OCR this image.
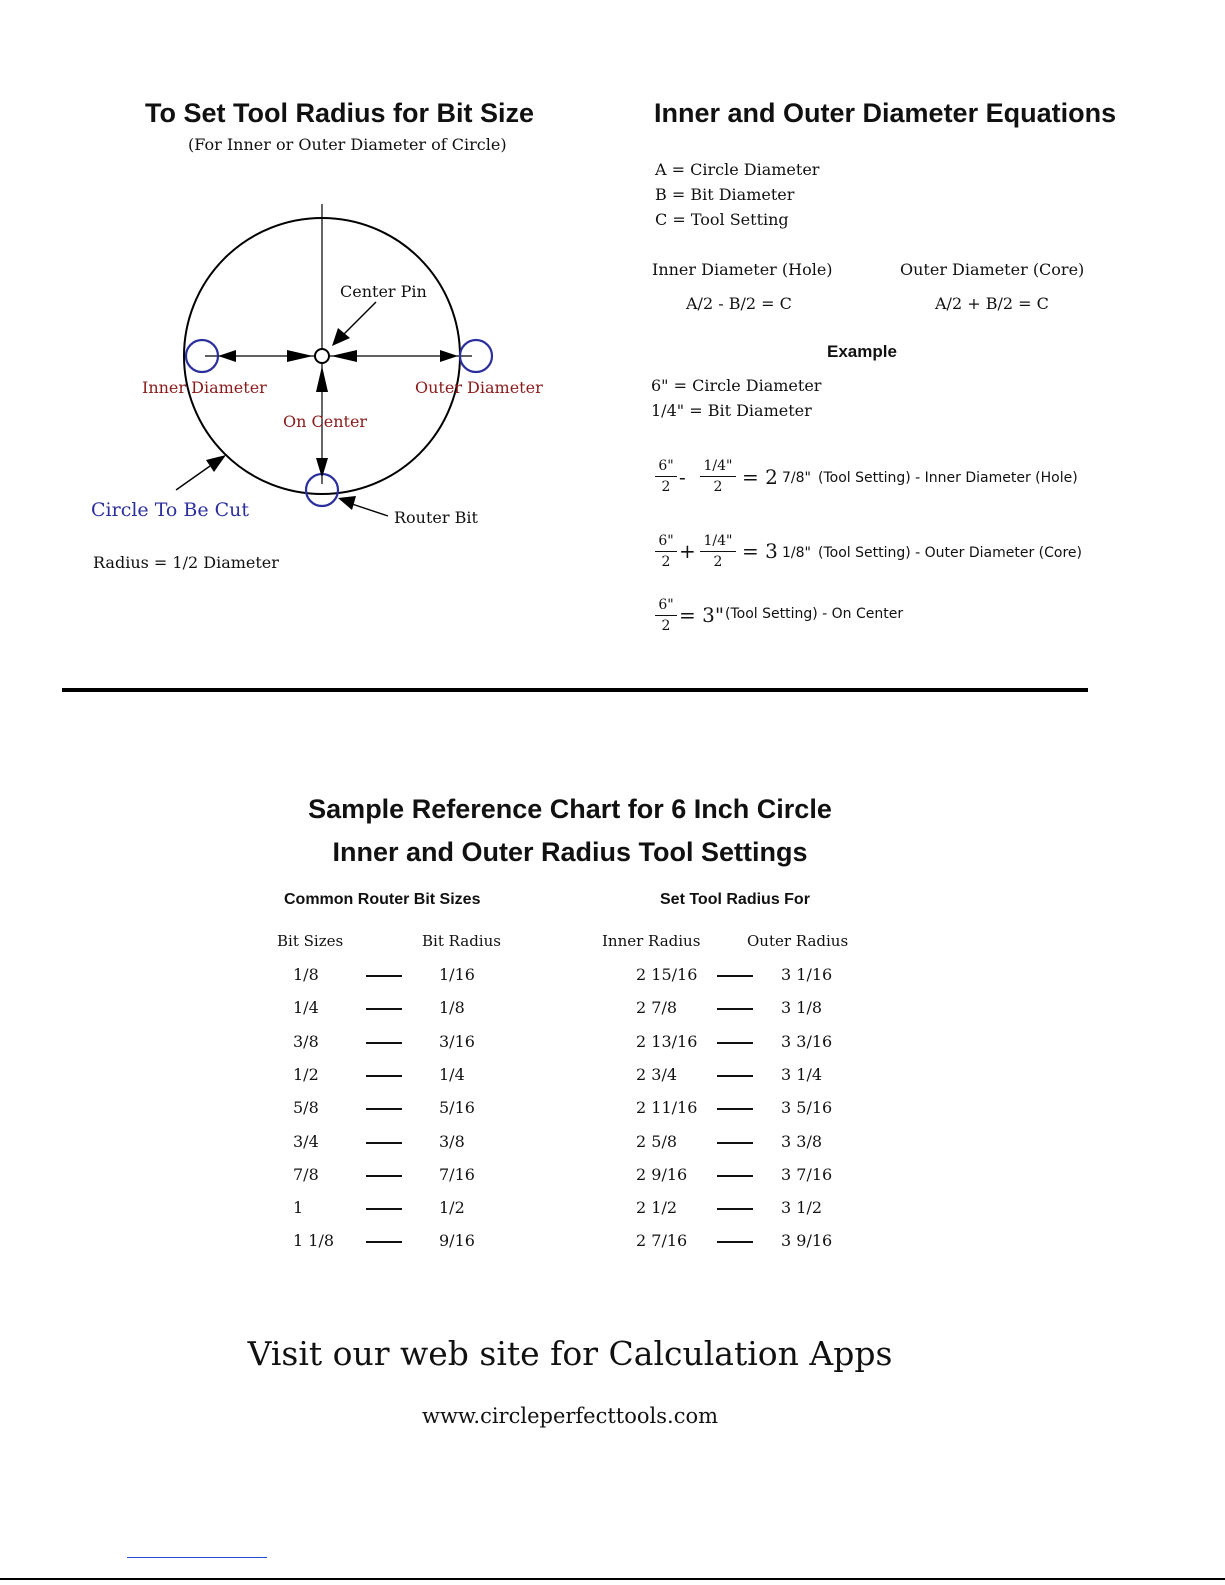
To Set Tool Radius for Bit Size
(For Inner or Outer Diameter of Circle)
Center Pin
Inner Diameter	Outer Diameter
On Center
Circle To Be Cut	Router Bit
Radius = 1/2 Diameter
Inner and Outer Diameter Equations
A = Circle Diameter
B = Bit Diameter
C = Tool Setting
Inner Diameter (Hole)	Outer Diameter (Core)
A/2 - B/2 = C	A/2 + B/2 = C
Example
6" = Circle Diameter
1/4" = Bit Diameter
6"
2 - 1/4"
2 = 2 7/8" (Tool Setting) - Inner Diameter (Hole)
6"
2 + 1/4"
2 = 3 1/8" (Tool Setting) - Outer Diameter (Core)
6"
2 = 3" (Tool Setting) - On Center
Sample Reference Chart for 6 Inch Circle
Inner and Outer Radius Tool Settings
Common Router Bit Sizes	Set Tool Radius For
Bit Sizes	Bit Radius	Inner Radius	Outer Radius
1/8	1/16	2 15/16	3 1/16
1/4	1/8	2 7/8	3 1/8
3/8	3/16	2 13/16	3 3/16
1/2	1/4	2 3/4	3 1/4
5/8	5/16	2 11/16	3 5/16
3/4	3/8	2 5/8	3 3/8
7/8	7/16	2 9/16	3 7/16
1	1/2	2 1/2	3 1/2
1 1/8	9/16	2 7/16	3 9/16
Visit our web site for Calculation Apps
www.circleperfecttools.com
